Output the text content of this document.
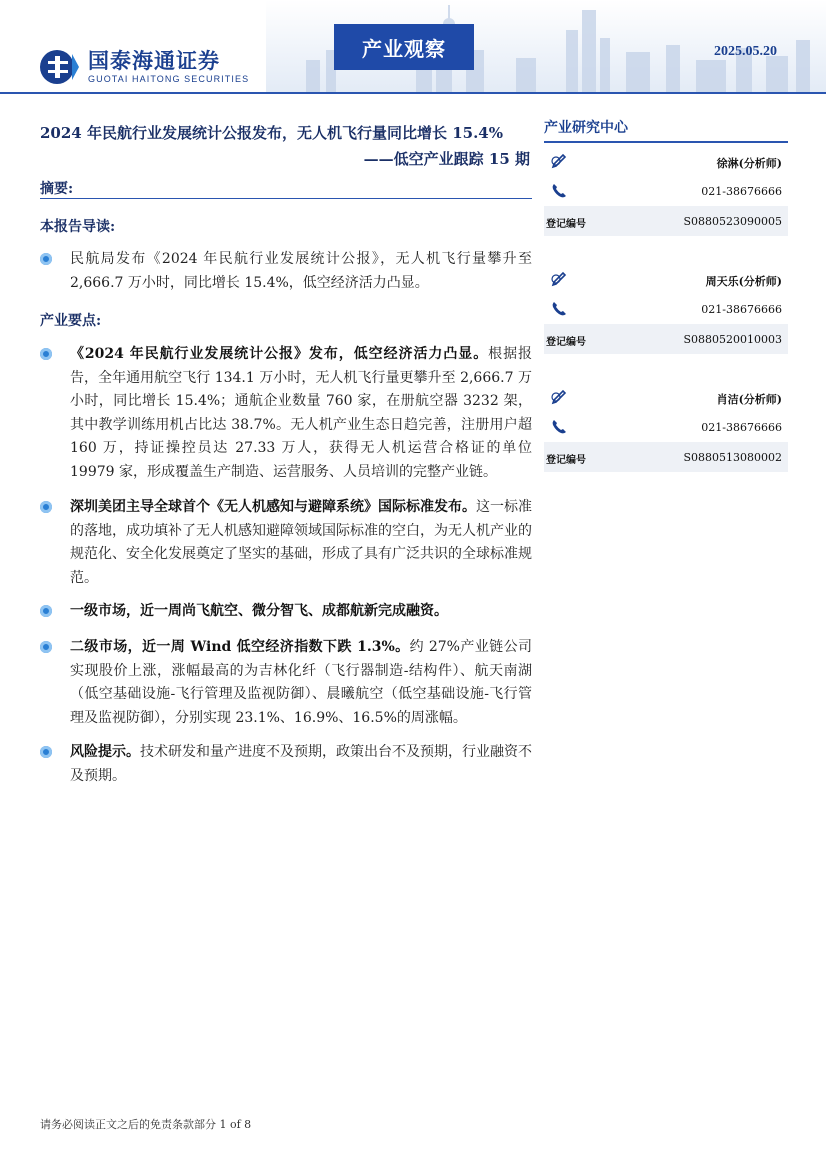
国泰海通证券
GUOTAI HAITONG SECURITIES
产业观察	2025.05.20
2024 年民航行业发展统计公报发布，无人机飞行量同比增长 15.4%
——低空产业跟踪 15 期
摘要:
本报告导读:
民航局发布《2024 年民航行业发展统计公报》，无人机飞行量攀升至 2,666.7 万小时，同比增长 15.4%，低空经济活力凸显。
产业要点:
《2024 年民航行业发展统计公报》发布，低空经济活力凸显。根据报告，全年通用航空飞行 134.1 万小时，无人机飞行量更攀升至 2,666.7 万小时，同比增长 15.4%；通航企业数量 760 家，在册航空器 3232 架，其中教学训练用机占比达 38.7%。无人机产业生态日趋完善，注册用户超 160 万，持证操控员达 27.33 万人，获得无人机运营合格证的单位 19979 家，形成覆盖生产制造、运营服务、人员培训的完整产业链。
深圳美团主导全球首个《无人机感知与避障系统》国际标准发布。这一标准的落地，成功填补了无人机感知避障领域国际标准的空白，为无人机产业的规范化、安全化发展奠定了坚实的基础，形成了具有广泛共识的全球标准规范。
一级市场，近一周尚飞航空、微分智飞、成都航新完成融资。
二级市场，近一周 Wind 低空经济指数下跌 1.3%。约 27%产业链公司实现股价上涨，涨幅最高的为吉林化纤（飞行器制造-结构件）、航天南湖（低空基础设施-飞行管理及监视防御）、晨曦航空（低空基础设施-飞行管理及监视防御），分别实现 23.1%、16.9%、16.5%的周涨幅。
风险提示。技术研发和量产进度不及预期，政策出台不及预期，行业融资不及预期。
产业研究中心
徐淋(分析师)
021-38676666
登记编号	S0880523090005
周天乐(分析师)
021-38676666
登记编号	S0880520010003
肖洁(分析师)
021-38676666
登记编号	S0880513080002
请务必阅读正文之后的免责条款部分 1 of 8
